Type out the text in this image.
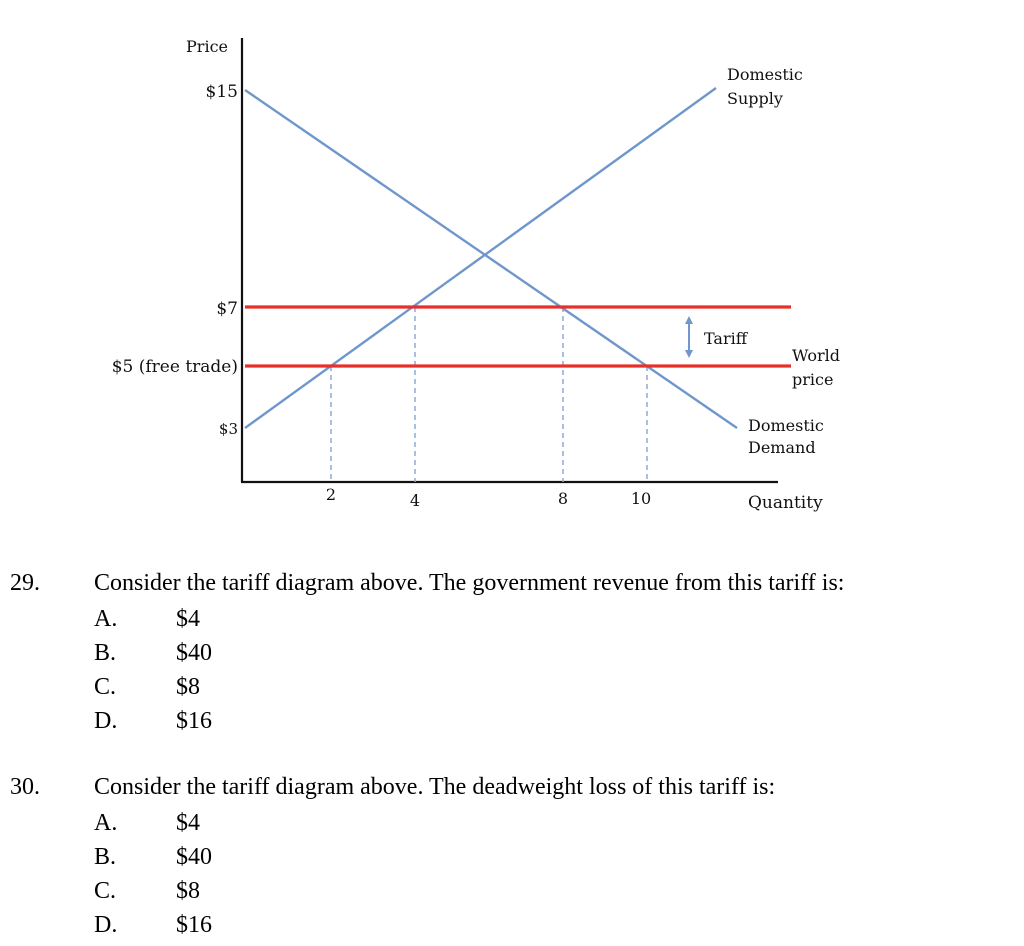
Price
Quantity
$15
$7
$5 (free trade)
$3
2	4	8	10
Domestic
Supply
Tariff
World
price
Domestic
Demand
29. Consider the tariff diagram above. The government revenue from this tariff is:
A. $4
B. $40
C. $8
D. $16
30. Consider the tariff diagram above. The deadweight loss of this tariff is:
A. $4
B. $40
C. $8
D. $16
